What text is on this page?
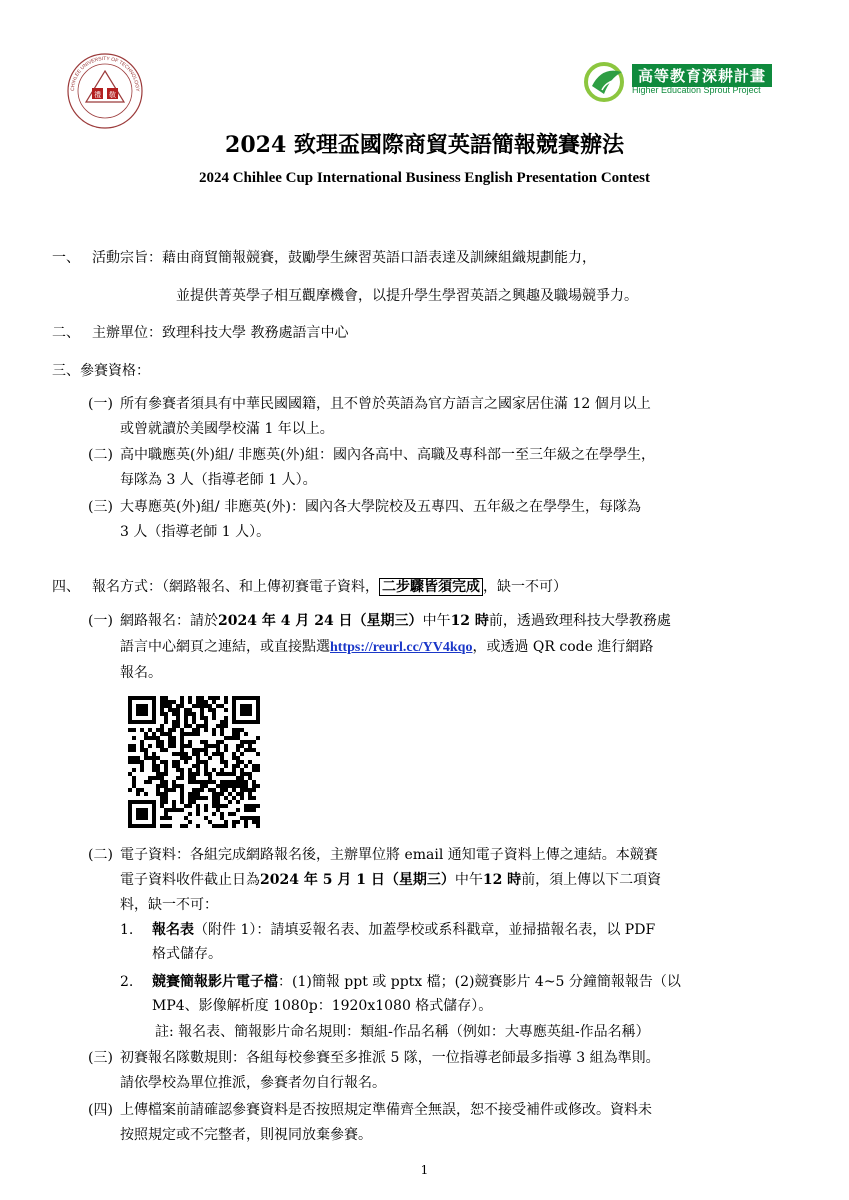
禮 敬
CHIHLEE UNIVERSITY OF TECHNOLOGY
高等教育深耕計畫
Higher Education Sprout Project
2024 致理盃國際商貿英語簡報競賽辦法
2024 Chihlee Cup International Business English Presentation Contest
一、 活動宗旨：藉由商貿簡報競賽，鼓勵學生練習英語口語表達及訓練組織規劃能力，
並提供菁英學子相互觀摩機會，以提升學生學習英語之興趣及職場競爭力。
二、 主辦單位：致理科技大學 教務處語言中心
三、參賽資格：
(一) 所有參賽者須具有中華民國國籍，且不曾於英語為官方語言之國家居住滿 12 個月以上
或曾就讀於美國學校滿 1 年以上。
(二) 高中職應英(外)組/ 非應英(外)組：國內各高中、高職及專科部一至三年級之在學學生，
每隊為 3 人（指導老師 1 人）。
(三) 大專應英(外)組/ 非應英(外)：國內各大學院校及五專四、五年級之在學學生，每隊為
3 人（指導老師 1 人）。
四、 報名方式：（網路報名、和上傳初賽電子資料， 二步驟皆須完成 ，缺一不可）
(一) 網路報名：請於2024 年 4 月 24 日（星期三）中午12 時前，透過致理科技大學教務處
語言中心網頁之連結，或直接點選https://reurl.cc/YV4kqo，或透過 QR code 進行網路
報名。
(二) 電子資料：各組完成網路報名後，主辦單位將 email 通知電子資料上傳之連結。本競賽
電子資料收件截止日為2024 年 5 月 1 日（星期三）中午12 時前，須上傳以下二項資
料，缺一不可：
1. 報名表（附件 1）：請填妥報名表、加蓋學校或系科戳章，並掃描報名表，以 PDF
格式儲存。
2. 競賽簡報影片電子檔：(1)簡報 ppt 或 pptx 檔；(2)競賽影片 4~5 分鐘簡報報告（以
MP4、影像解析度 1080p：1920x1080 格式儲存）。
註: 報名表、簡報影片命名規則：類組-作品名稱（例如：大專應英組-作品名稱）
(三) 初賽報名隊數規則：各組每校參賽至多推派 5 隊，一位指導老師最多指導 3 組為準則。
請依學校為單位推派，參賽者勿自行報名。
(四) 上傳檔案前請確認參賽資料是否按照規定準備齊全無誤，恕不接受補件或修改。資料未
按照規定或不完整者，則視同放棄參賽。
1
